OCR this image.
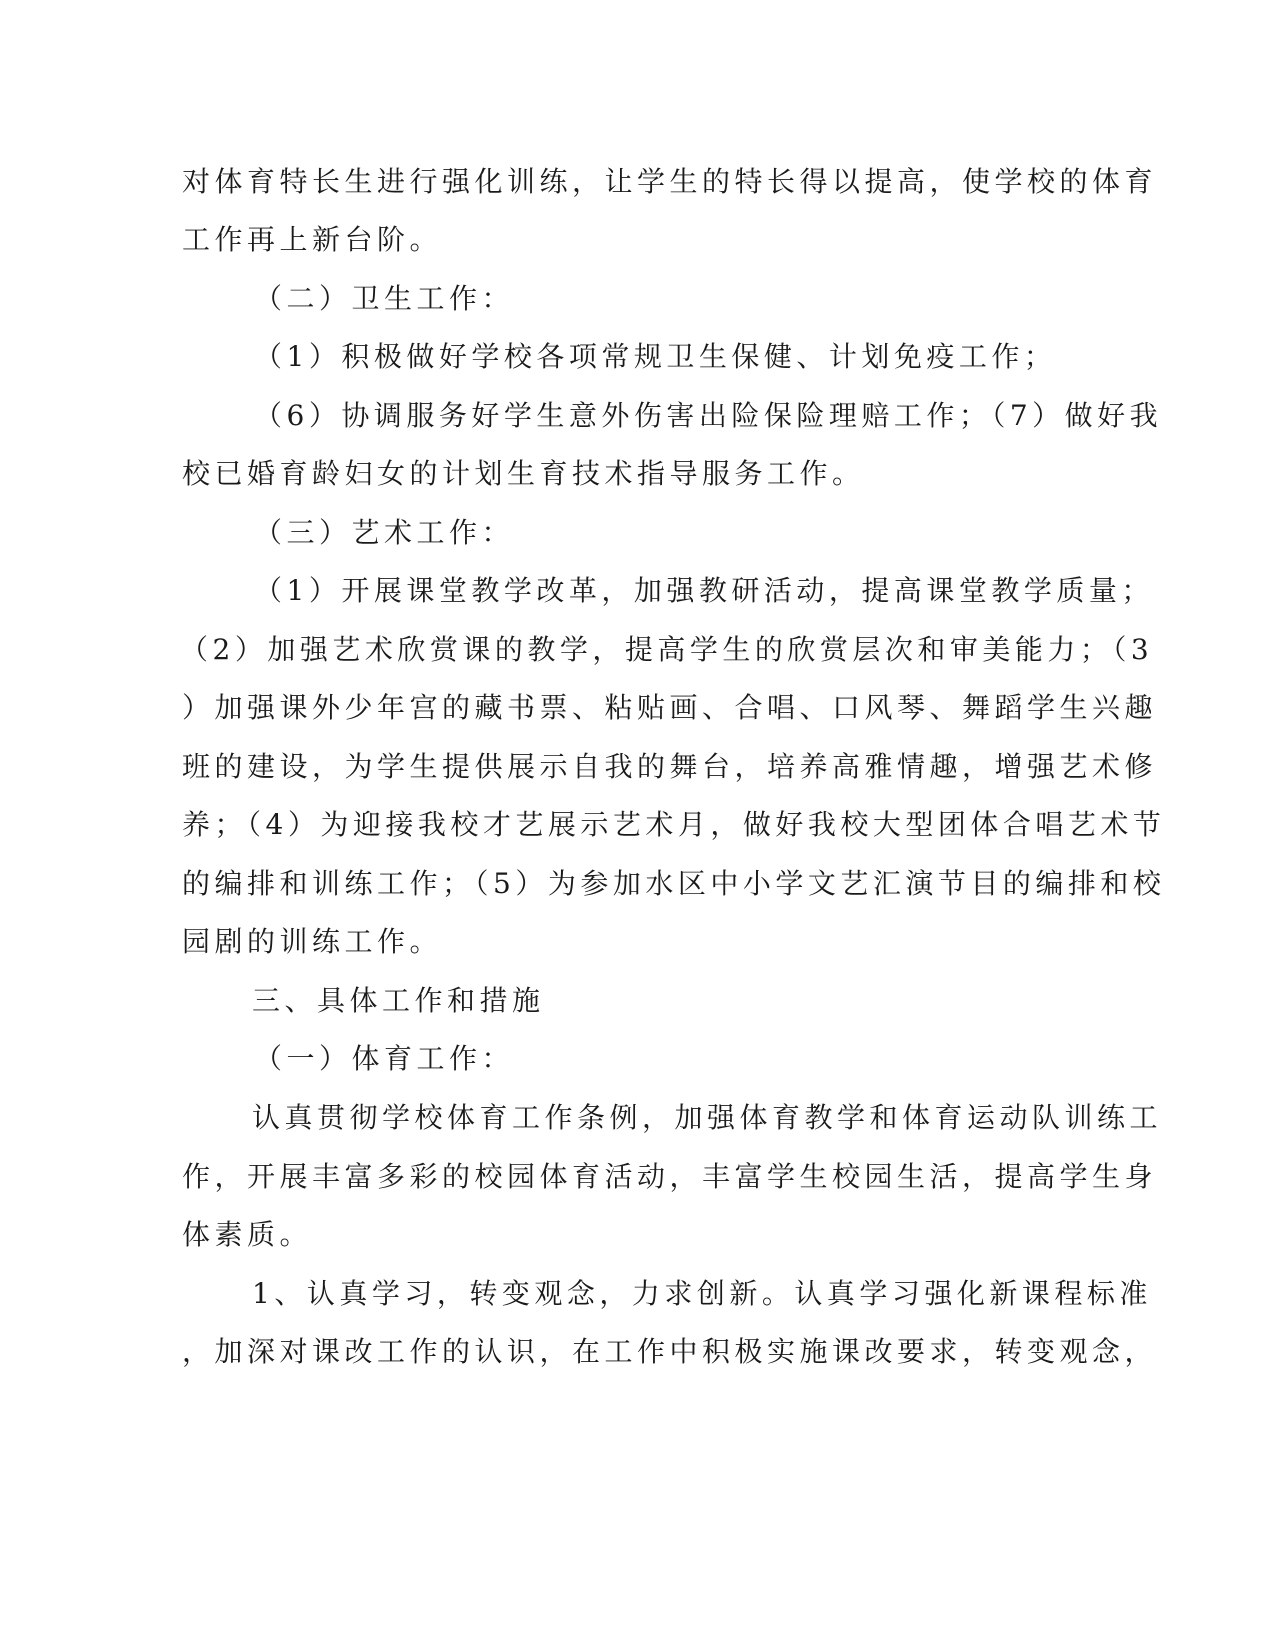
对体育特长生进行强化训练，让学生的特长得以提高，使学校的体育
工作再上新台阶。
（二）卫生工作：
（1）积极做好学校各项常规卫生保健、计划免疫工作；
（6）协调服务好学生意外伤害出险保险理赔工作；（7）做好我
校已婚育龄妇女的计划生育技术指导服务工作。
（三）艺术工作：
（1）开展课堂教学改革，加强教研活动，提高课堂教学质量；
（2）加强艺术欣赏课的教学，提高学生的欣赏层次和审美能力；（3
）加强课外少年宫的藏书票、粘贴画、合唱、口风琴、舞蹈学生兴趣
班的建设，为学生提供展示自我的舞台，培养高雅情趣，增强艺术修
养；（4）为迎接我校才艺展示艺术月，做好我校大型团体合唱艺术节
的编排和训练工作；（5）为参加水区中小学文艺汇演节目的编排和校
园剧的训练工作。
三、具体工作和措施
（一）体育工作：
认真贯彻学校体育工作条例，加强体育教学和体育运动队训练工
作，开展丰富多彩的校园体育活动，丰富学生校园生活，提高学生身
体素质。
1、认真学习，转变观念，力求创新。认真学习强化新课程标准
，加深对课改工作的认识，在工作中积极实施课改要求，转变观念，
